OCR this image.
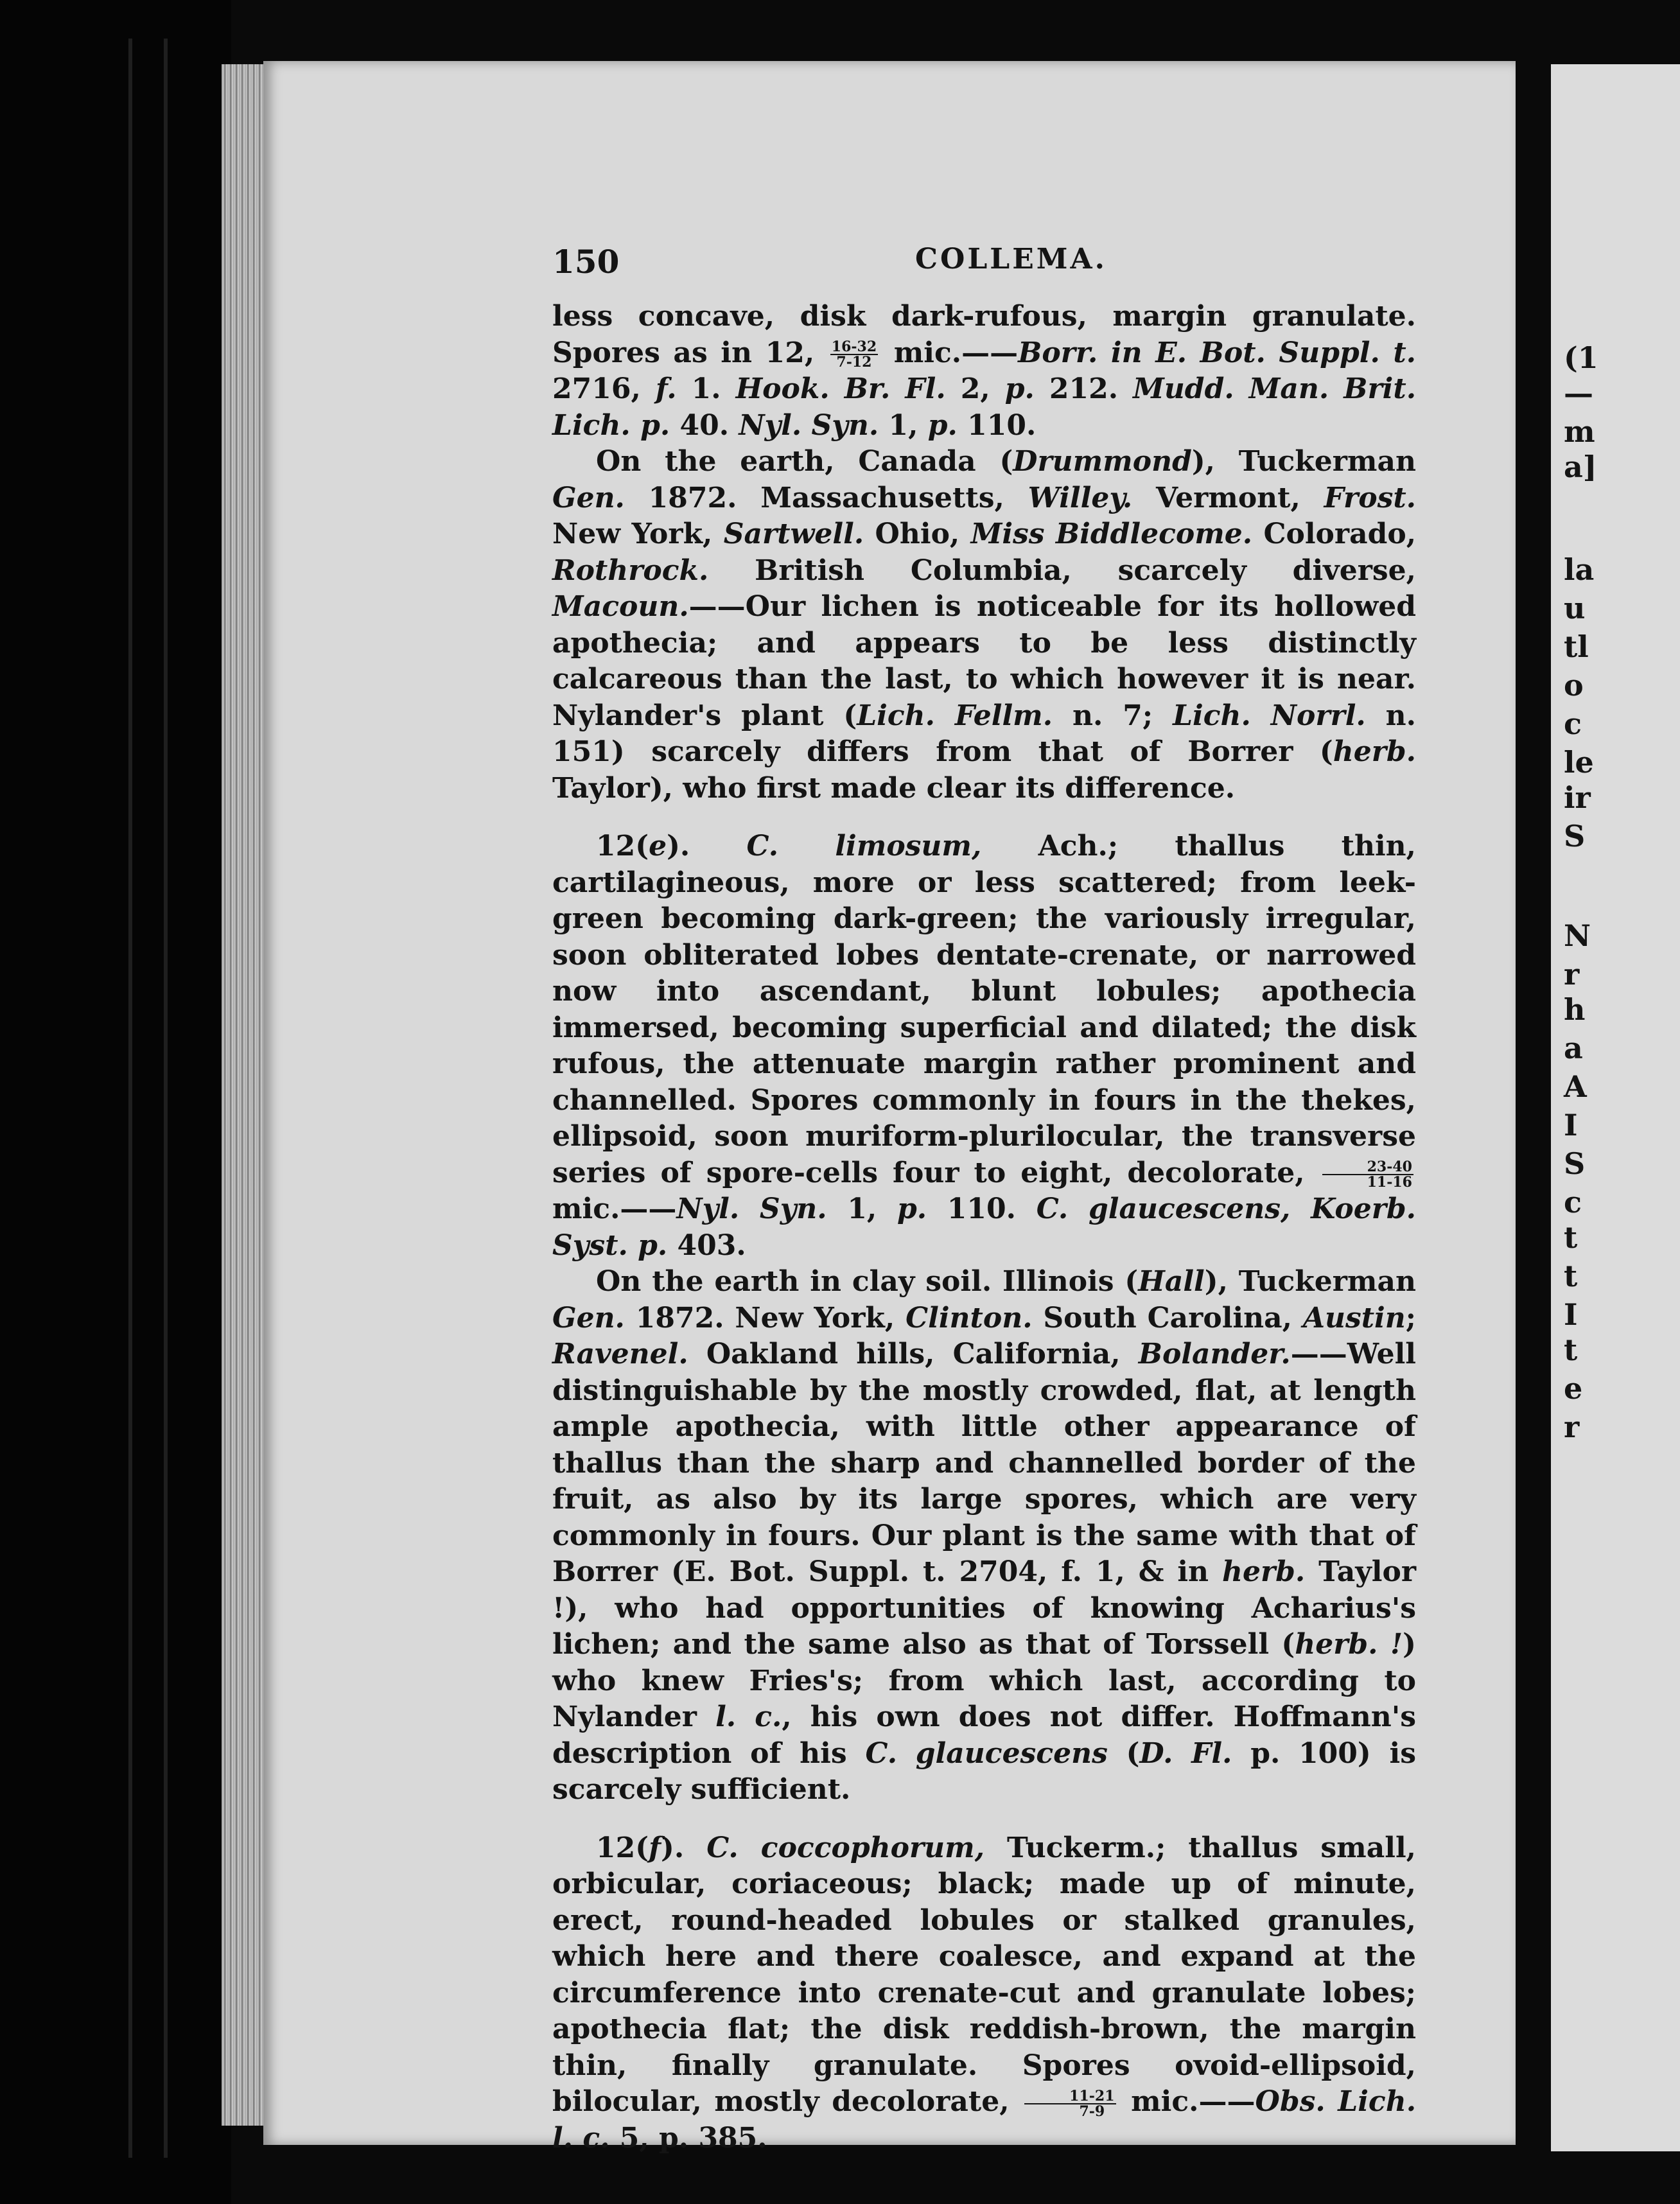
150	COLLEMA.

less concave, disk dark-rufous, margin granulate. Spores as in 12, $\frac{16-32}{7-12}$ mic.——Borr. in E. Bot. Suppl. t. 2716, f. 1. Hook. Br. Fl. 2, p. 212. Mudd. Man. Brit. Lich. p. 40. Nyl. Syn. 1, p. 110.

On the earth, Canada (Drummond), Tuckerman Gen. 1872. Massachusetts, Willey. Vermont, Frost. New York, Sartwell. Ohio, Miss Biddlecome. Colorado, Rothrock. British Columbia, scarcely diverse, Macoun.——Our lichen is noticeable for its hollowed apothecia; and appears to be less distinctly calcareous than the last, to which however it is near. Nylander's plant (Lich. Fellm. n. 7; Lich. Norrl. n. 151) scarcely differs from that of Borrer (herb. Taylor), who first made clear its difference.

12(e). C. limosum, Ach.; thallus thin, cartilagineous, more or less scattered; from leek-green becoming dark-green; the variously irregular, soon obliterated lobes dentate-crenate, or narrowed now into ascendant, blunt lobules; apothecia immersed, becoming superficial and dilated; the disk rufous, the attenuate margin rather prominent and channelled. Spores commonly in fours in the thekes, ellipsoid, soon muriform-plurilocular, the transverse series of spore-cells four to eight, decolorate, $\frac{23-40}{11-16}$
mic.——Nyl. Syn. 1, p. 110. C. glaucescens, Koerb. Syst. p. 403.

On the earth in clay soil. Illinois (Hall), Tuckerman Gen. 1872. New York, Clinton. South Carolina, Austin; Ravenel. Oakland hills, California, Bolander.——Well distinguishable by the mostly crowded, flat, at length ample apothecia, with little other appearance of thallus than the sharp and channelled border of the fruit, as also by its large spores, which are very commonly in fours. Our plant is the same with that of Borrer (E. Bot. Suppl. t. 2704, f. 1, & in herb. Taylor !), who had opportunities of knowing Acharius's lichen; and the same also as that of Torssell (herb. !) who knew Fries's; from which last, according to Nylander l. c., his own does not differ. Hoffmann's description of his C. glaucescens (D. Fl. p. 100) is scarcely sufficient.

12(f). C. coccophorum, Tuckerm.; thallus small, orbicular, coriaceous; black; made up of minute, erect, round-headed lobules or stalked granules, which here and there coalesce, and expand at the circumference into crenate-cut and granulate lobes; apothecia flat; the disk reddish-brown, the margin thin, finally granulate. Spores ovoid-ellipsoid, bilocular, mostly decolorate, $\frac{11-21}{7-9}$ mic.——Obs. Lich. l. c. 5, p. 385.

(1
—
m
a]
la
u
tl
o
c
le
ir
S
N
r
h
a
A
I
S
c
t
t
I
t
e
r
